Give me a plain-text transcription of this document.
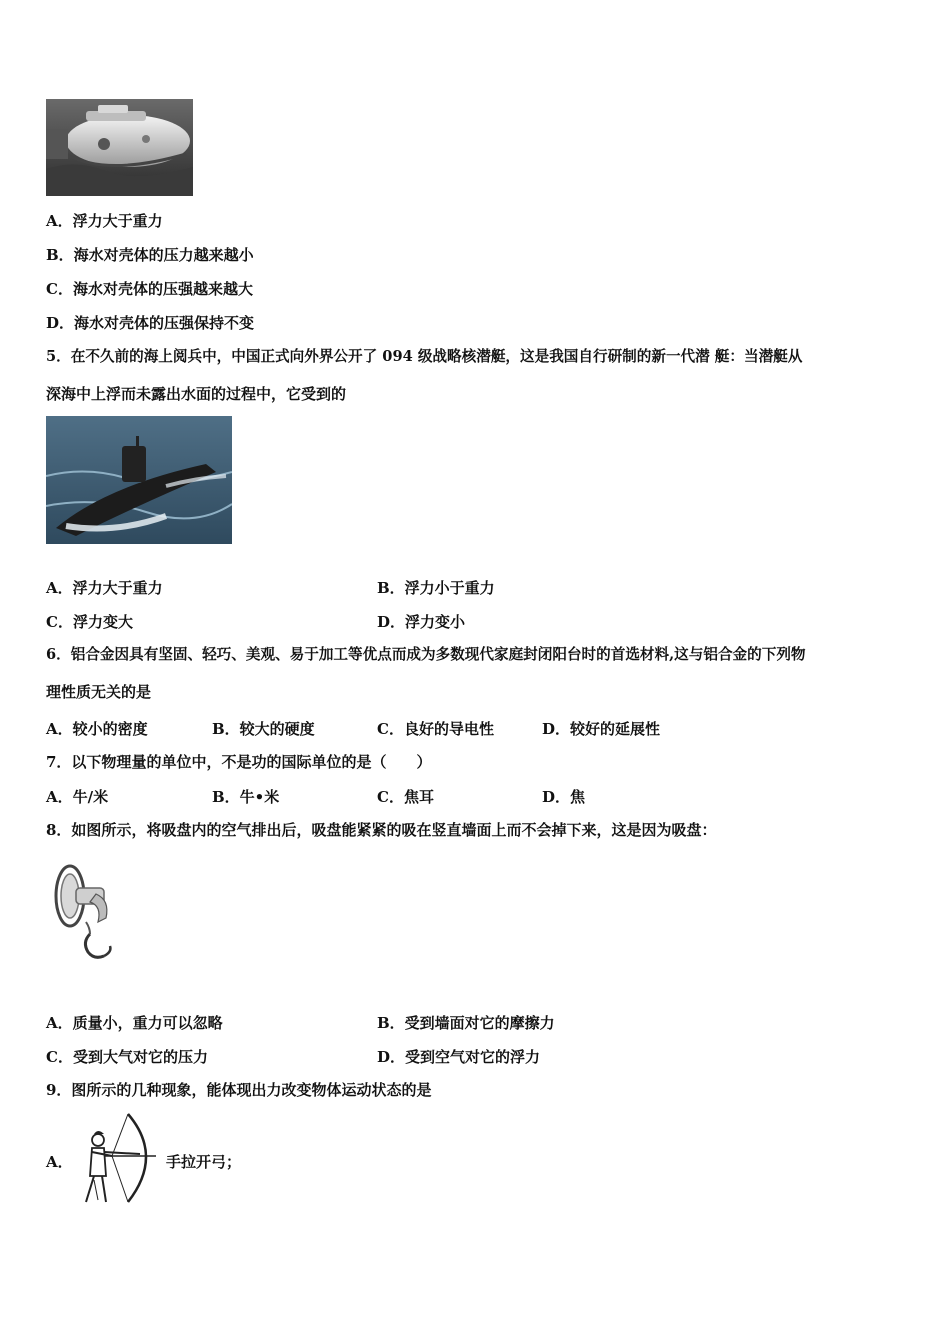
A．浮力大于重力
B．海水对壳体的压力越来越小
C．海水对壳体的压强越来越大
D．海水对壳体的压强保持不变
5．在不久前的海上阅兵中，中国正式向外界公开了 094 级战略核潜艇，这是我国自行研制的新一代潜 艇：当潜艇从
深海中上浮而未露出水面的过程中，它受到的
A．浮力大于重力	B．浮力小于重力
C．浮力变大	D．浮力变小
6．铝合金因具有坚固、轻巧、美观、易于加工等优点而成为多数现代家庭封闭阳台时的首选材料,这与铝合金的下列物
理性质无关的是
A．较小的密度	B．较大的硬度	C．良好的导电性	D．较好的延展性
7．以下物理量的单位中，不是功的国际单位的是（　　）
A．牛/米	B．牛•米	C．焦耳	D．焦
8．如图所示，将吸盘内的空气排出后，吸盘能紧紧的吸在竖直墙面上而不会掉下来，这是因为吸盘：
A．质量小，重力可以忽略	B．受到墙面对它的摩擦力
C．受到大气对它的压力	D．受到空气对它的浮力
9．图所示的几种现象，能体现出力改变物体运动状态的是
A．	手拉开弓；
